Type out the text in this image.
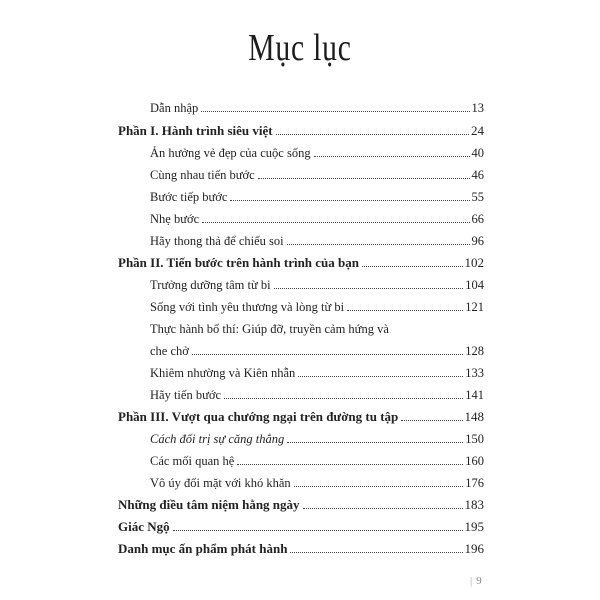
Mục lục
Dẫn nhập	13
Phần I. Hành trình siêu việt	24
Ản hưởng vẻ đẹp của cuộc sống	40
Cùng nhau tiến bước	46
Bước tiếp bước	55
Nhẹ bước	66
Hãy thong thả để chiếu soi	96
Phần II. Tiến bước trên hành trình của bạn	102
Trưởng dưỡng tâm từ bi	104
Sống với tình yêu thương và lòng từ bi	121
Thực hành bố thí: Giúp đỡ, truyền cảm hứng và
che chở	128
Khiêm nhường và Kiên nhẫn	133
Hãy tiến bước	141
Phần III. Vượt qua chướng ngại trên đường tu tập	148
Cách đối trị sự căng thẳng	150
Các mối quan hệ	160
Vô úy đối mặt với khó khăn	176
Những điều tâm niệm hằng ngày	183
Giác Ngộ	195
Danh mục ấn phẩm phát hành	196
| 9
